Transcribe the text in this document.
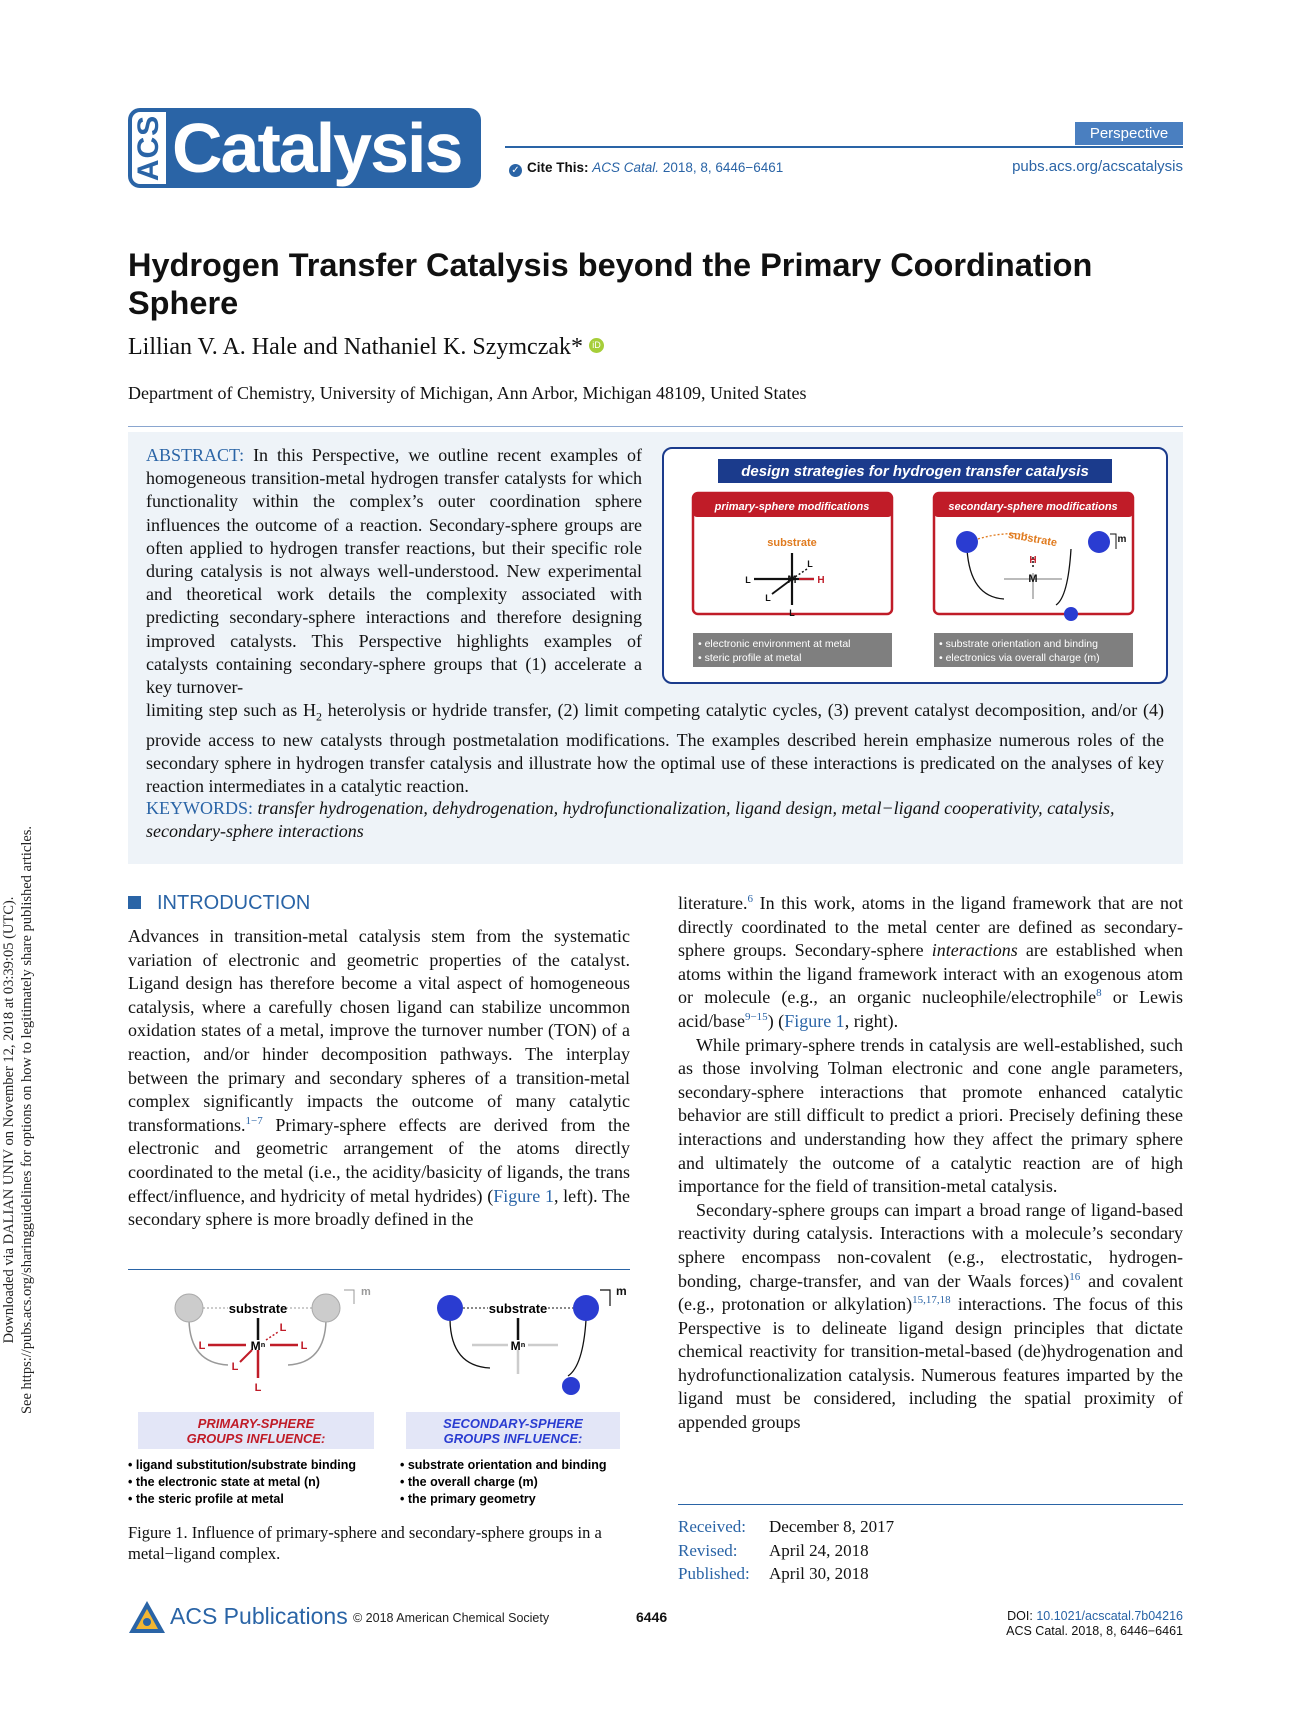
Downloaded via DALIAN UNIV on November 12, 2018 at 03:39:05 (UTC). See https://pubs.acs.org/sharingguidelines for options on how to legitimately share published articles.
ACS Catalysis	Perspective
✓ Cite This: ACS Catal. 2018, 8, 6446−6461	pubs.acs.org/acscatalysis
Hydrogen Transfer Catalysis beyond the Primary Coordination Sphere
Lillian V. A. Hale and Nathaniel K. Szymczak* iD
Department of Chemistry, University of Michigan, Ann Arbor, Michigan 48109, United States
ABSTRACT: In this Perspective, we outline recent examples of homogeneous transition-metal hydrogen transfer catalysts for which functionality within the complex’s outer coordination sphere influences the outcome of a reaction. Secondary-sphere groups are often applied to hydrogen transfer reactions, but their specific role during catalysis is not always well-understood. New experimental and theoretical work details the complexity associated with predicting secondary-sphere interactions and therefore designing improved catalysts. This Perspective highlights examples of catalysts containing secondary-sphere groups that (1) accelerate a key turnover-
limiting step such as $H_2$ heterolysis or hydride transfer, (2) limit competing catalytic cycles, (3) prevent catalyst decomposition, and/or (4) provide access to new catalysts through postmetalation modifications. The examples described herein emphasize numerous roles of the secondary sphere in hydrogen transfer catalysis and illustrate how the optimal use of these interactions is predicated on the analyses of key reaction intermediates in a catalytic reaction.
KEYWORDS: transfer hydrogenation, dehydrogenation, hydrofunctionalization, ligand design, metal−ligand cooperativity, catalysis, secondary-sphere interactions
design strategies for hydrogen transfer catalysis
primary-sphere modifications
substrate
M
L
L
L
L
H
• electronic environment at metal
• steric profile at metal
secondary-sphere modifications
substrate
H
M
m
• substrate orientation and binding
• electronics via overall charge (m)
INTRODUCTION

Advances in transition-metal catalysis stem from the systematic variation of electronic and geometric properties of the catalyst. Ligand design has therefore become a vital aspect of homogeneous catalysis, where a carefully chosen ligand can stabilize uncommon oxidation states of a metal, improve the turnover number (TON) of a reaction, and/or hinder decomposition pathways. The interplay between the primary and secondary spheres of a transition-metal complex significantly impacts the outcome of many catalytic transformations.$^{1-7}$ Primary-sphere effects are derived from the electronic and geometric arrangement of the atoms directly coordinated to the metal (i.e., the acidity/basicity of ligands, the trans effect/influence, and hydricity of metal hydrides) (Figure 1, left). The secondary sphere is more broadly defined in the

literature.$^6$ In this work, atoms in the ligand framework that are not directly coordinated to the metal center are defined as secondary-sphere groups. Secondary-sphere interactions are established when atoms within the ligand framework interact with an exogenous atom or molecule (e.g., an organic nucleophile/electrophile$^8$ or Lewis acid/base$^{9-15}$) (Figure 1, right).

While primary-sphere trends in catalysis are well-established, such as those involving Tolman electronic and cone angle parameters, secondary-sphere interactions that promote enhanced catalytic behavior are still difficult to predict a priori. Precisely defining these interactions and understanding how they affect the primary sphere and ultimately the outcome of a catalytic reaction are of high importance for the field of transition-metal catalysis.

Secondary-sphere groups can impart a broad range of ligand-based reactivity during catalysis. Interactions with a molecule’s secondary sphere encompass non-covalent (e.g., electrostatic, hydrogen-bonding, charge-transfer, and van der Waals forces)$^{16}$ and covalent (e.g., protonation or alkylation)$^{15,17,18}$ interactions. The focus of this Perspective is to delineate ligand design principles that dictate chemical reactivity for transition-metal-based (de)hydrogenation and hydrofunctionalization catalysis. Numerous features imparted by the ligand must be considered, including the spatial proximity of appended groups

substrate
Mⁿ
L	L
L
L
L
m
substrate
Mⁿ
m
PRIMARY-SPHERE
GROUPS INFLUENCE:
SECONDARY-SPHERE
GROUPS INFLUENCE:
• ligand substitution/substrate binding
• the electronic state at metal (n)
• the steric profile at metal
• substrate orientation and binding
• the overall charge (m)
• the primary geometry
Figure 1. Influence of primary-sphere and secondary-sphere groups in a metal−ligand complex.
Received: December 8, 2017
Revised: April 24, 2018
Published: April 30, 2018
ACS Publications © 2018 American Chemical Society	6446	DOI: 10.1021/acscatal.7b04216
ACS Catal. 2018, 8, 6446−6461
